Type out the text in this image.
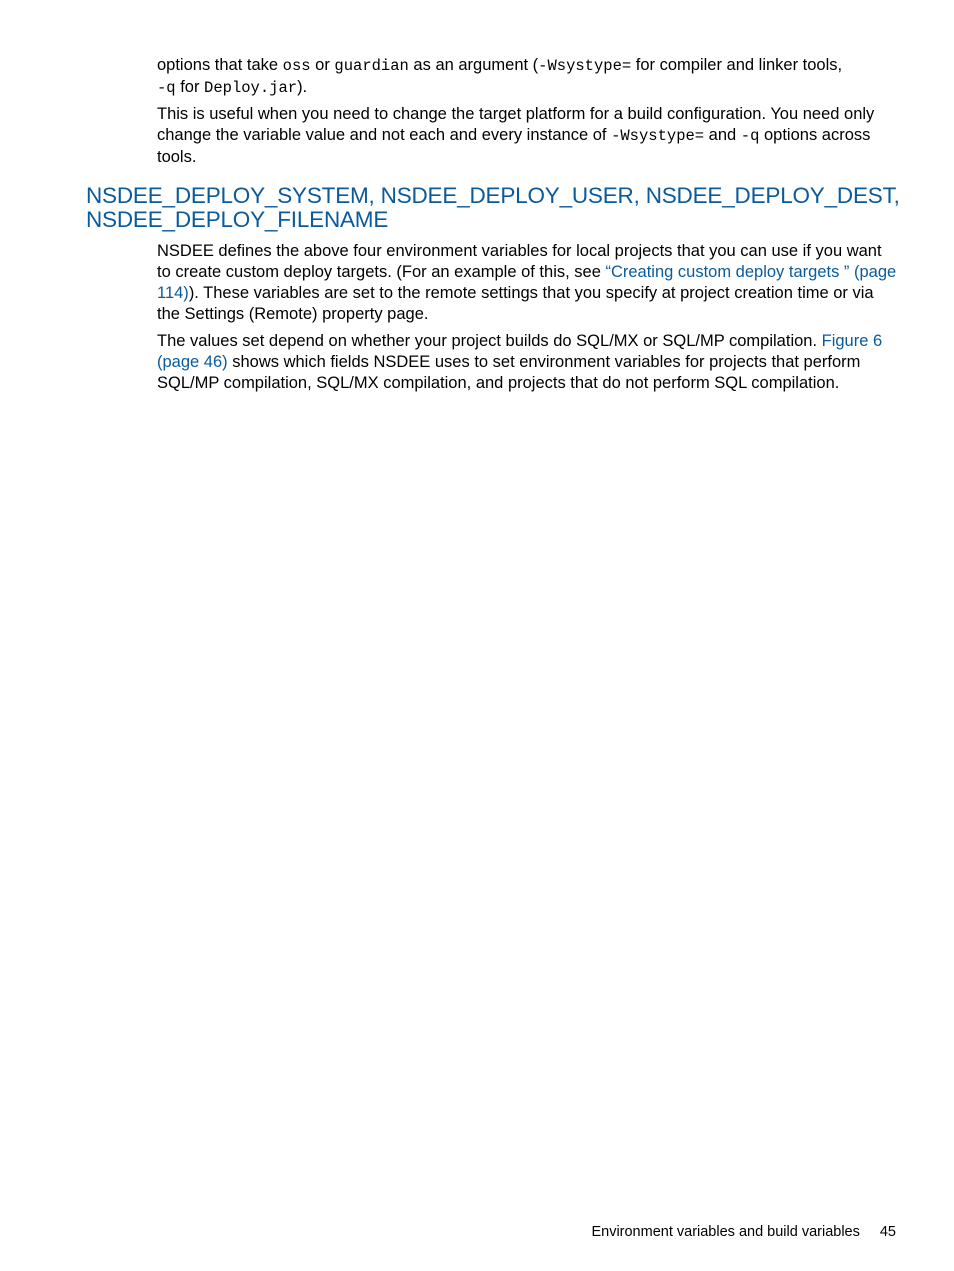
options that take oss or guardian as an argument (-Wsystype= for compiler and linker tools,
-q for Deploy.jar).

This is useful when you need to change the target platform for a build configuration. You need only change the variable value and not each and every instance of -Wsystype= and -q options across tools.

NSDEE_DEPLOY_SYSTEM, NSDEE_DEPLOY_USER, NSDEE_DEPLOY_DEST,
NSDEE_DEPLOY_FILENAME

NSDEE defines the above four environment variables for local projects that you can use if you want to create custom deploy targets. (For an example of this, see “Creating custom deploy targets ” (page 114)). These variables are set to the remote settings that you specify at project creation time or via the Settings (Remote) property page.

The values set depend on whether your project builds do SQL/MX or SQL/MP compilation. Figure 6 (page 46) shows which fields NSDEE uses to set environment variables for projects that perform SQL/MP compilation, SQL/MX compilation, and projects that do not perform SQL compilation.

Environment variables and build variables 45
